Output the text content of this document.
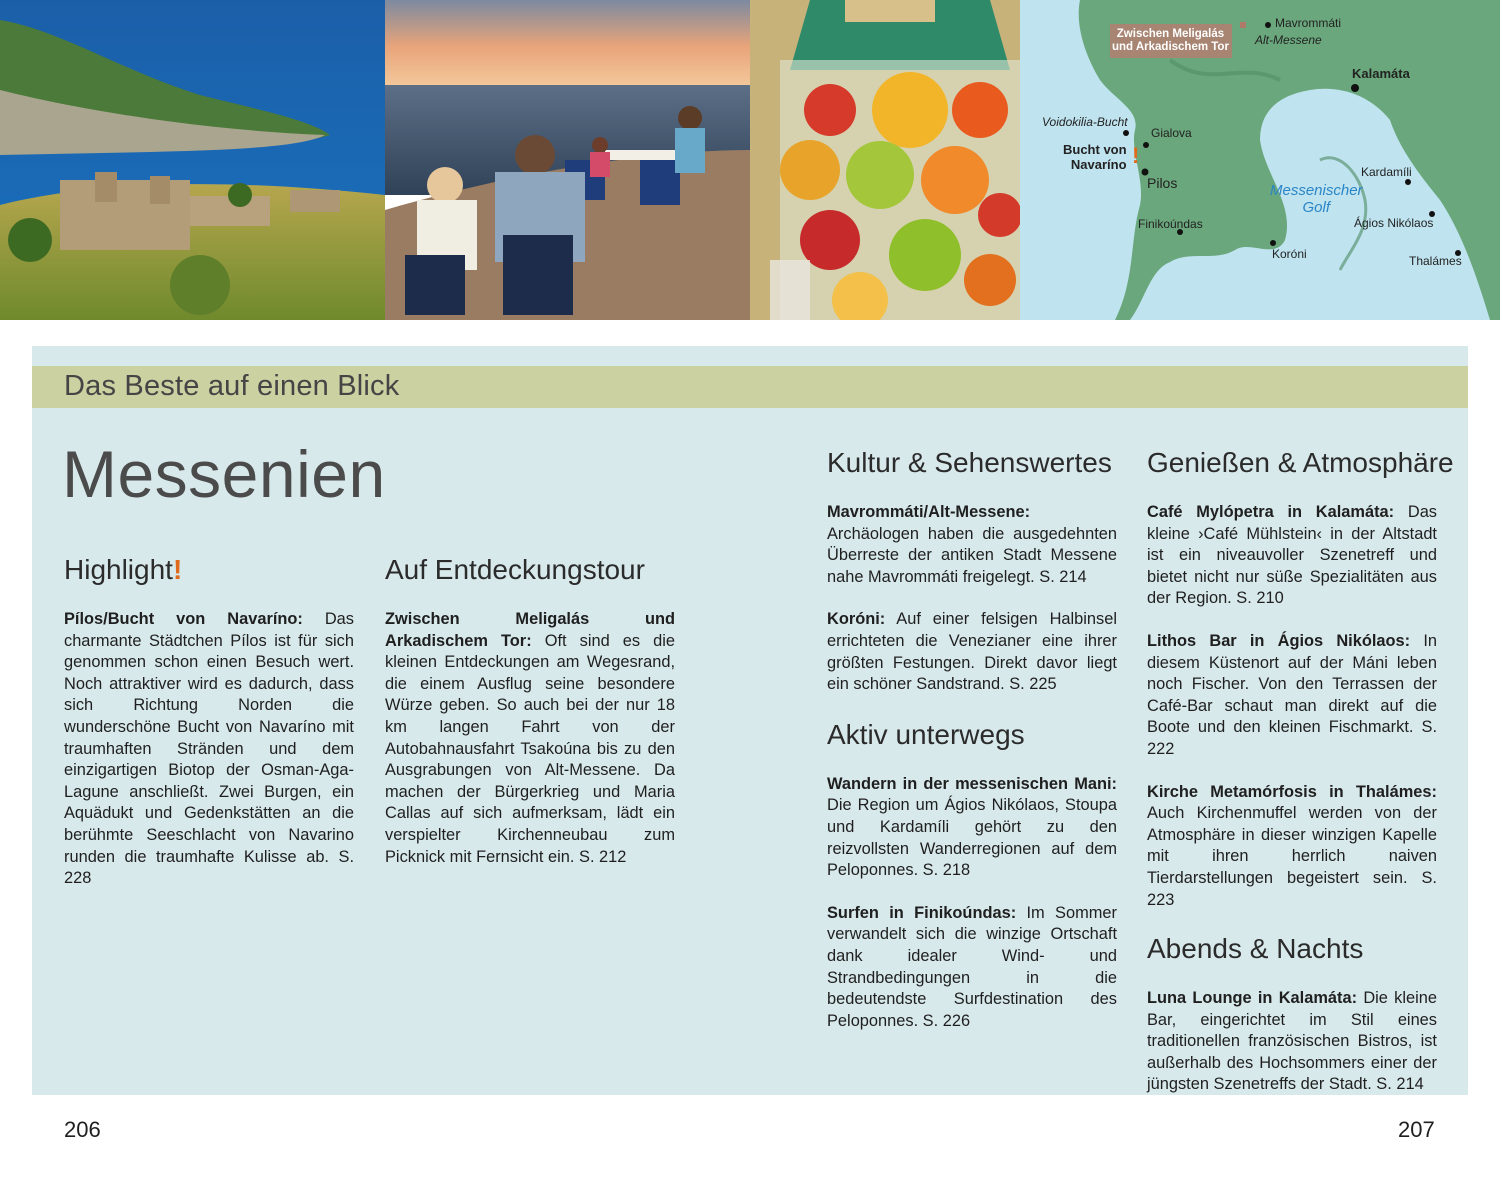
Zwischen Meligalás
und Arkadischem Tor
Mavrommáti
Alt-Messene
Kalamáta
Voidokilia-Bucht
Gialova
Bucht von
Navaríno !
Pilos
Finikoúndas
Koróni
Kardamíli
Ágios Nikólaos
Thalámes
Messenischer
Golf
Das Beste auf einen Blick
Messenien
Highlight!

Pílos/Bucht von Navaríno: Das charmante Städtchen Pílos ist für sich genommen schon einen Besuch wert. Noch attraktiver wird es dadurch, dass sich Richtung Norden die wunderschöne Bucht von Navaríno mit traumhaften Stränden und dem einzigartigen Biotop der Osman-Aga-Lagune anschließt. Zwei Burgen, ein Aquädukt und Gedenkstätten an die berühmte Seeschlacht von Navarino runden die traumhafte Kulisse ab. S. 228

Auf Entdeckungstour

Zwischen Meligalás und Arkadischem Tor: Oft sind es die kleinen Entdeckungen am Wegesrand, die einem Ausflug seine besondere Würze geben. So auch bei der nur 18 km langen Fahrt von der Autobahnausfahrt Tsakoúna bis zu den Ausgrabungen von Alt-Messene. Da machen der Bürgerkrieg und Maria Callas auf sich aufmerksam, lädt ein verspielter Kirchenneubau zum Picknick mit Fernsicht ein. S. 212

Kultur & Sehenswertes

Mavrommáti/Alt-Messene: Archäologen haben die ausgedehnten Überreste der antiken Stadt Messene nahe Mavrommáti freigelegt. S. 214

Koróni: Auf einer felsigen Halbinsel errichteten die Venezianer eine ihrer größten Festungen. Direkt davor liegt ein schöner Sandstrand. S. 225

Aktiv unterwegs

Wandern in der messenischen Mani: Die Region um Ágios Nikólaos, Stoupa und Kardamíli gehört zu den reizvollsten Wanderregionen auf dem Peloponnes. S. 218

Surfen in Finikoúndas: Im Sommer verwandelt sich die winzige Ortschaft dank idealer Wind- und Strandbedingungen in die bedeutendste Surfdestination des Peloponnes. S. 226

Genießen & Atmosphäre

Café Mylópetra in Kalamáta: Das kleine ›Café Mühlstein‹ in der Altstadt ist ein niveauvoller Szenetreff und bietet nicht nur süße Spezialitäten aus der Region. S. 210

Lithos Bar in Ágios Nikólaos: In diesem Küstenort auf der Máni leben noch Fischer. Von den Terrassen der Café-Bar schaut man direkt auf die Boote und den kleinen Fischmarkt. S. 222

Kirche Metamórfosis in Thalámes: Auch Kirchenmuffel werden von der Atmosphäre in dieser winzigen Kapelle mit ihren herrlich naiven Tierdarstellungen begeistert sein. S. 223

Abends & Nachts

Luna Lounge in Kalamáta: Die kleine Bar, eingerichtet im Stil eines traditionellen französischen Bistros, ist außerhalb des Hochsommers einer der jüngsten Szenetreffs der Stadt. S. 214

206	207
